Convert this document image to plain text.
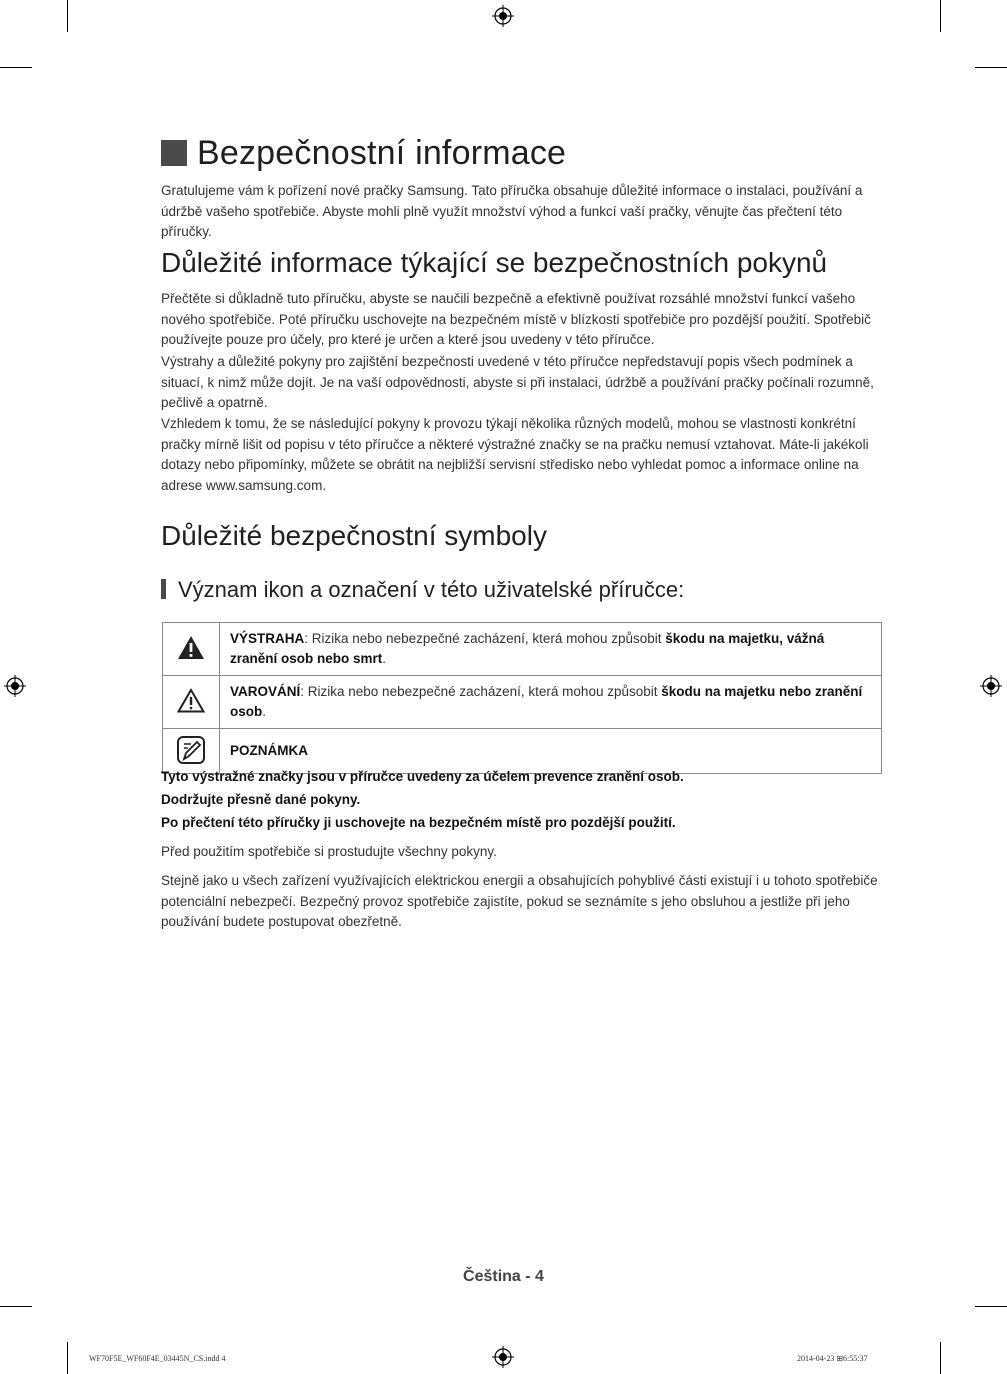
Bezpečnostní informace

Gratulujeme vám k pořízení nové pračky Samsung. Tato příručka obsahuje důležité informace o instalaci, používání a údržbě vašeho spotřebiče. Abyste mohli plně využít množství výhod a funkcí vaší pračky, věnujte čas přečtení této příručky.

Důležité informace týkající se bezpečnostních pokynů

Přečtěte si důkladně tuto příručku, abyste se naučili bezpečně a efektivně používat rozsáhlé množství funkcí vašeho nového spotřebiče. Poté příručku uschovejte na bezpečném místě v blízkosti spotřebiče pro pozdější použití. Spotřebič používejte pouze pro účely, pro které je určen a které jsou uvedeny v této příručce.

Výstrahy a důležité pokyny pro zajištění bezpečnosti uvedené v této příručce nepředstavují popis všech podmínek a situací, k nimž může dojít. Je na vaší odpovědnosti, abyste si při instalaci, údržbě a používání pračky počínali rozumně, pečlivě a opatrně.

Vzhledem k tomu, že se následující pokyny k provozu týkají několika různých modelů, mohou se vlastnosti konkrétní pračky mírně lišit od popisu v této příručce a některé výstražné značky se na pračku nemusí vztahovat. Máte-li jakékoli dotazy nebo připomínky, můžete se obrátit na nejbližší servisní středisko nebo vyhledat pomoc a informace online na adrese www.samsung.com.

Důležité bezpečnostní symboly
Význam ikon a označení v této uživatelské příručce:
	VÝSTRAHA: Rizika nebo nebezpečné zacházení, která mohou způsobit škodu na majetku, vážná zranění osob nebo smrt.
	VAROVÁNÍ: Rizika nebo nebezpečné zacházení, která mohou způsobit škodu na majetku nebo zranění osob.
	POZNÁMKA

Tyto výstražné značky jsou v příručce uvedeny za účelem prevence zranění osob.

Dodržujte přesně dané pokyny.

Po přečtení této příručky ji uschovejte na bezpečném místě pro pozdější použití.

Před použitím spotřebiče si prostudujte všechny pokyny.

Stejně jako u všech zařízení využívajících elektrickou energii a obsahujících pohyblivé části existují i u tohoto spotřebiče potenciální nebezpečí. Bezpečný provoz spotřebiče zajistíte, pokud se seznámíte s jeho obsluhou a jestliže při jeho používání budete postupovat obezřetně.

Čeština - 4
WF70F5E_WF60F4E_03445N_CS.indd 4	2014-04-23 ⊞6:55:37
